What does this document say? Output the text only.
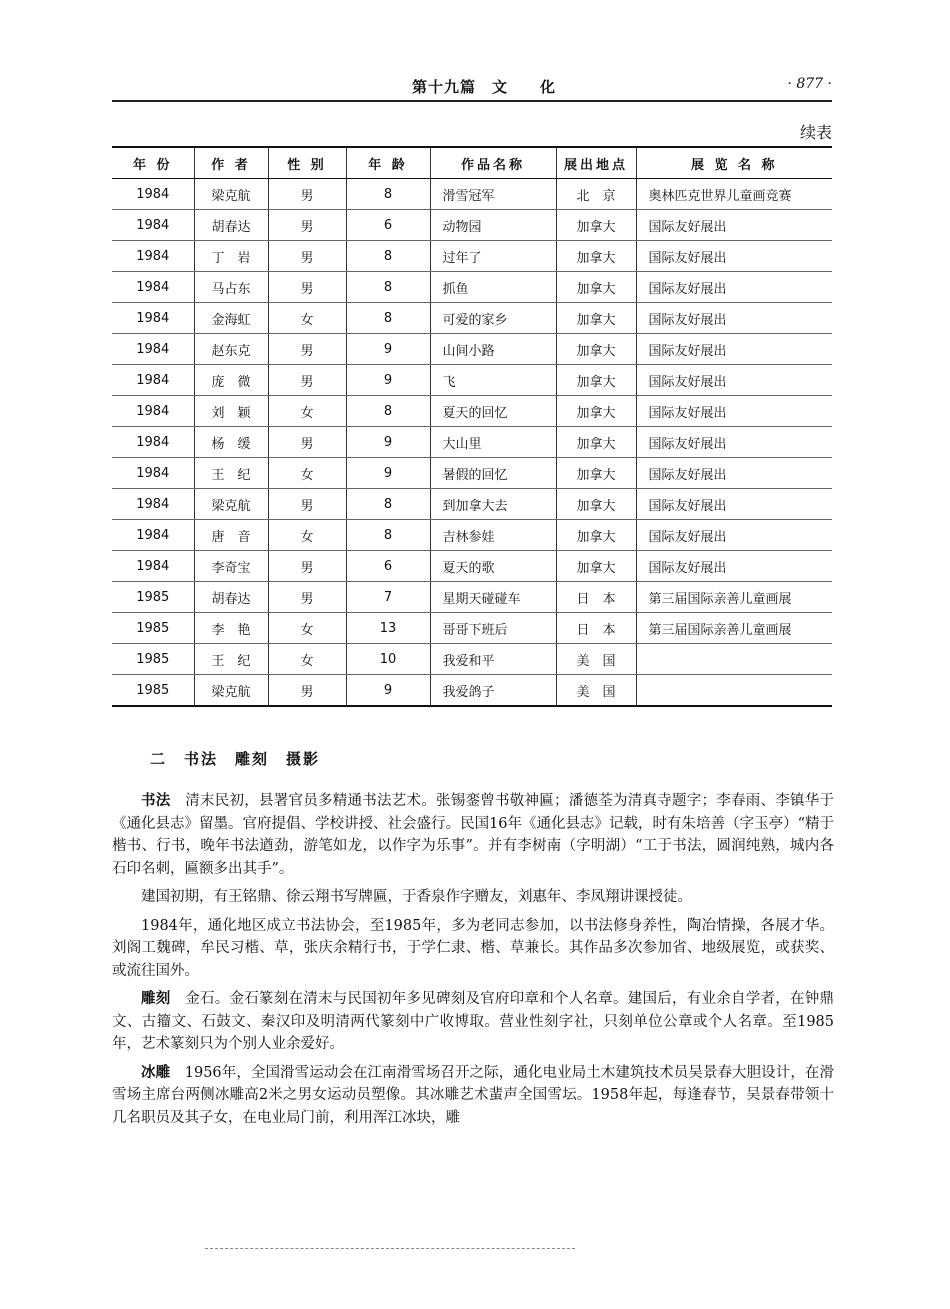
第十九篇　文　　化	· 877 ·
续表
年 份	作 者	性 别	年 龄	作品名称	展出地点	展 览 名 称
1984	梁克航	男	8	滑雪冠军	北　京	奥林匹克世界儿童画竞赛
1984	胡春达	男	6	动物园	加拿大	国际友好展出
1984	丁　岩	男	8	过年了	加拿大	国际友好展出
1984	马占东	男	8	抓鱼	加拿大	国际友好展出
1984	金海虹	女	8	可爱的家乡	加拿大	国际友好展出
1984	赵东克	男	9	山间小路	加拿大	国际友好展出
1984	庞　微	男	9	飞	加拿大	国际友好展出
1984	刘　颖	女	8	夏天的回忆	加拿大	国际友好展出
1984	杨　缓	男	9	大山里	加拿大	国际友好展出
1984	王　纪	女	9	暑假的回忆	加拿大	国际友好展出
1984	梁克航	男	8	到加拿大去	加拿大	国际友好展出
1984	唐　音	女	8	吉林参娃	加拿大	国际友好展出
1984	李奇宝	男	6	夏天的歌	加拿大	国际友好展出
1985	胡春达	男	7	星期天碰碰车	日　本	第三届国际亲善儿童画展
1985	李　艳	女	13	哥哥下班后	日　本	第三届国际亲善儿童画展
1985	王　纪	女	10	我爱和平	美　国	
1985	梁克航	男	9	我爱鸽子	美　国	
二　书法　雕刻　摄影

书法　清末民初，县署官员多精通书法艺术。张锡銮曾书敬神匾；潘德荃为清真寺题字；李春雨、李镇华于《通化县志》留墨。官府提倡、学校讲授、社会盛行。民国16年《通化县志》记载，时有朱培善（字玉亭）“精于楷书、行书，晚年书法遒劲，游笔如龙，以作字为乐事”。并有李树南（字明湖）“工于书法，圆润纯熟，城内各石印名刺，匾额多出其手”。

建国初期，有王铭鼎、徐云翔书写牌匾，于香泉作字赠友，刘惠年、李凤翔讲课授徒。

1984年，通化地区成立书法协会，至1985年，多为老同志参加，以书法修身养性，陶冶情操，各展才华。刘阁工魏碑，牟民习楷、草，张庆余精行书，于学仁隶、楷、草兼长。其作品多次参加省、地级展览，或获奖、或流往国外。

雕刻　金石。金石篆刻在清末与民国初年多见碑刻及官府印章和个人名章。建国后，有业余自学者，在钟鼎文、古籀文、石鼓文、秦汉印及明清两代篆刻中广收博取。营业性刻字社，只刻单位公章或个人名章。至1985年，艺术篆刻只为个别人业余爱好。

冰雕　1956年，全国滑雪运动会在江南滑雪场召开之际，通化电业局土木建筑技术员吴景春大胆设计，在滑雪场主席台两侧冰雕高2米之男女运动员塑像。其冰雕艺术蜚声全国雪坛。1958年起，每逢春节，吴景春带领十几名职员及其子女，在电业局门前，利用浑江冰块，雕
